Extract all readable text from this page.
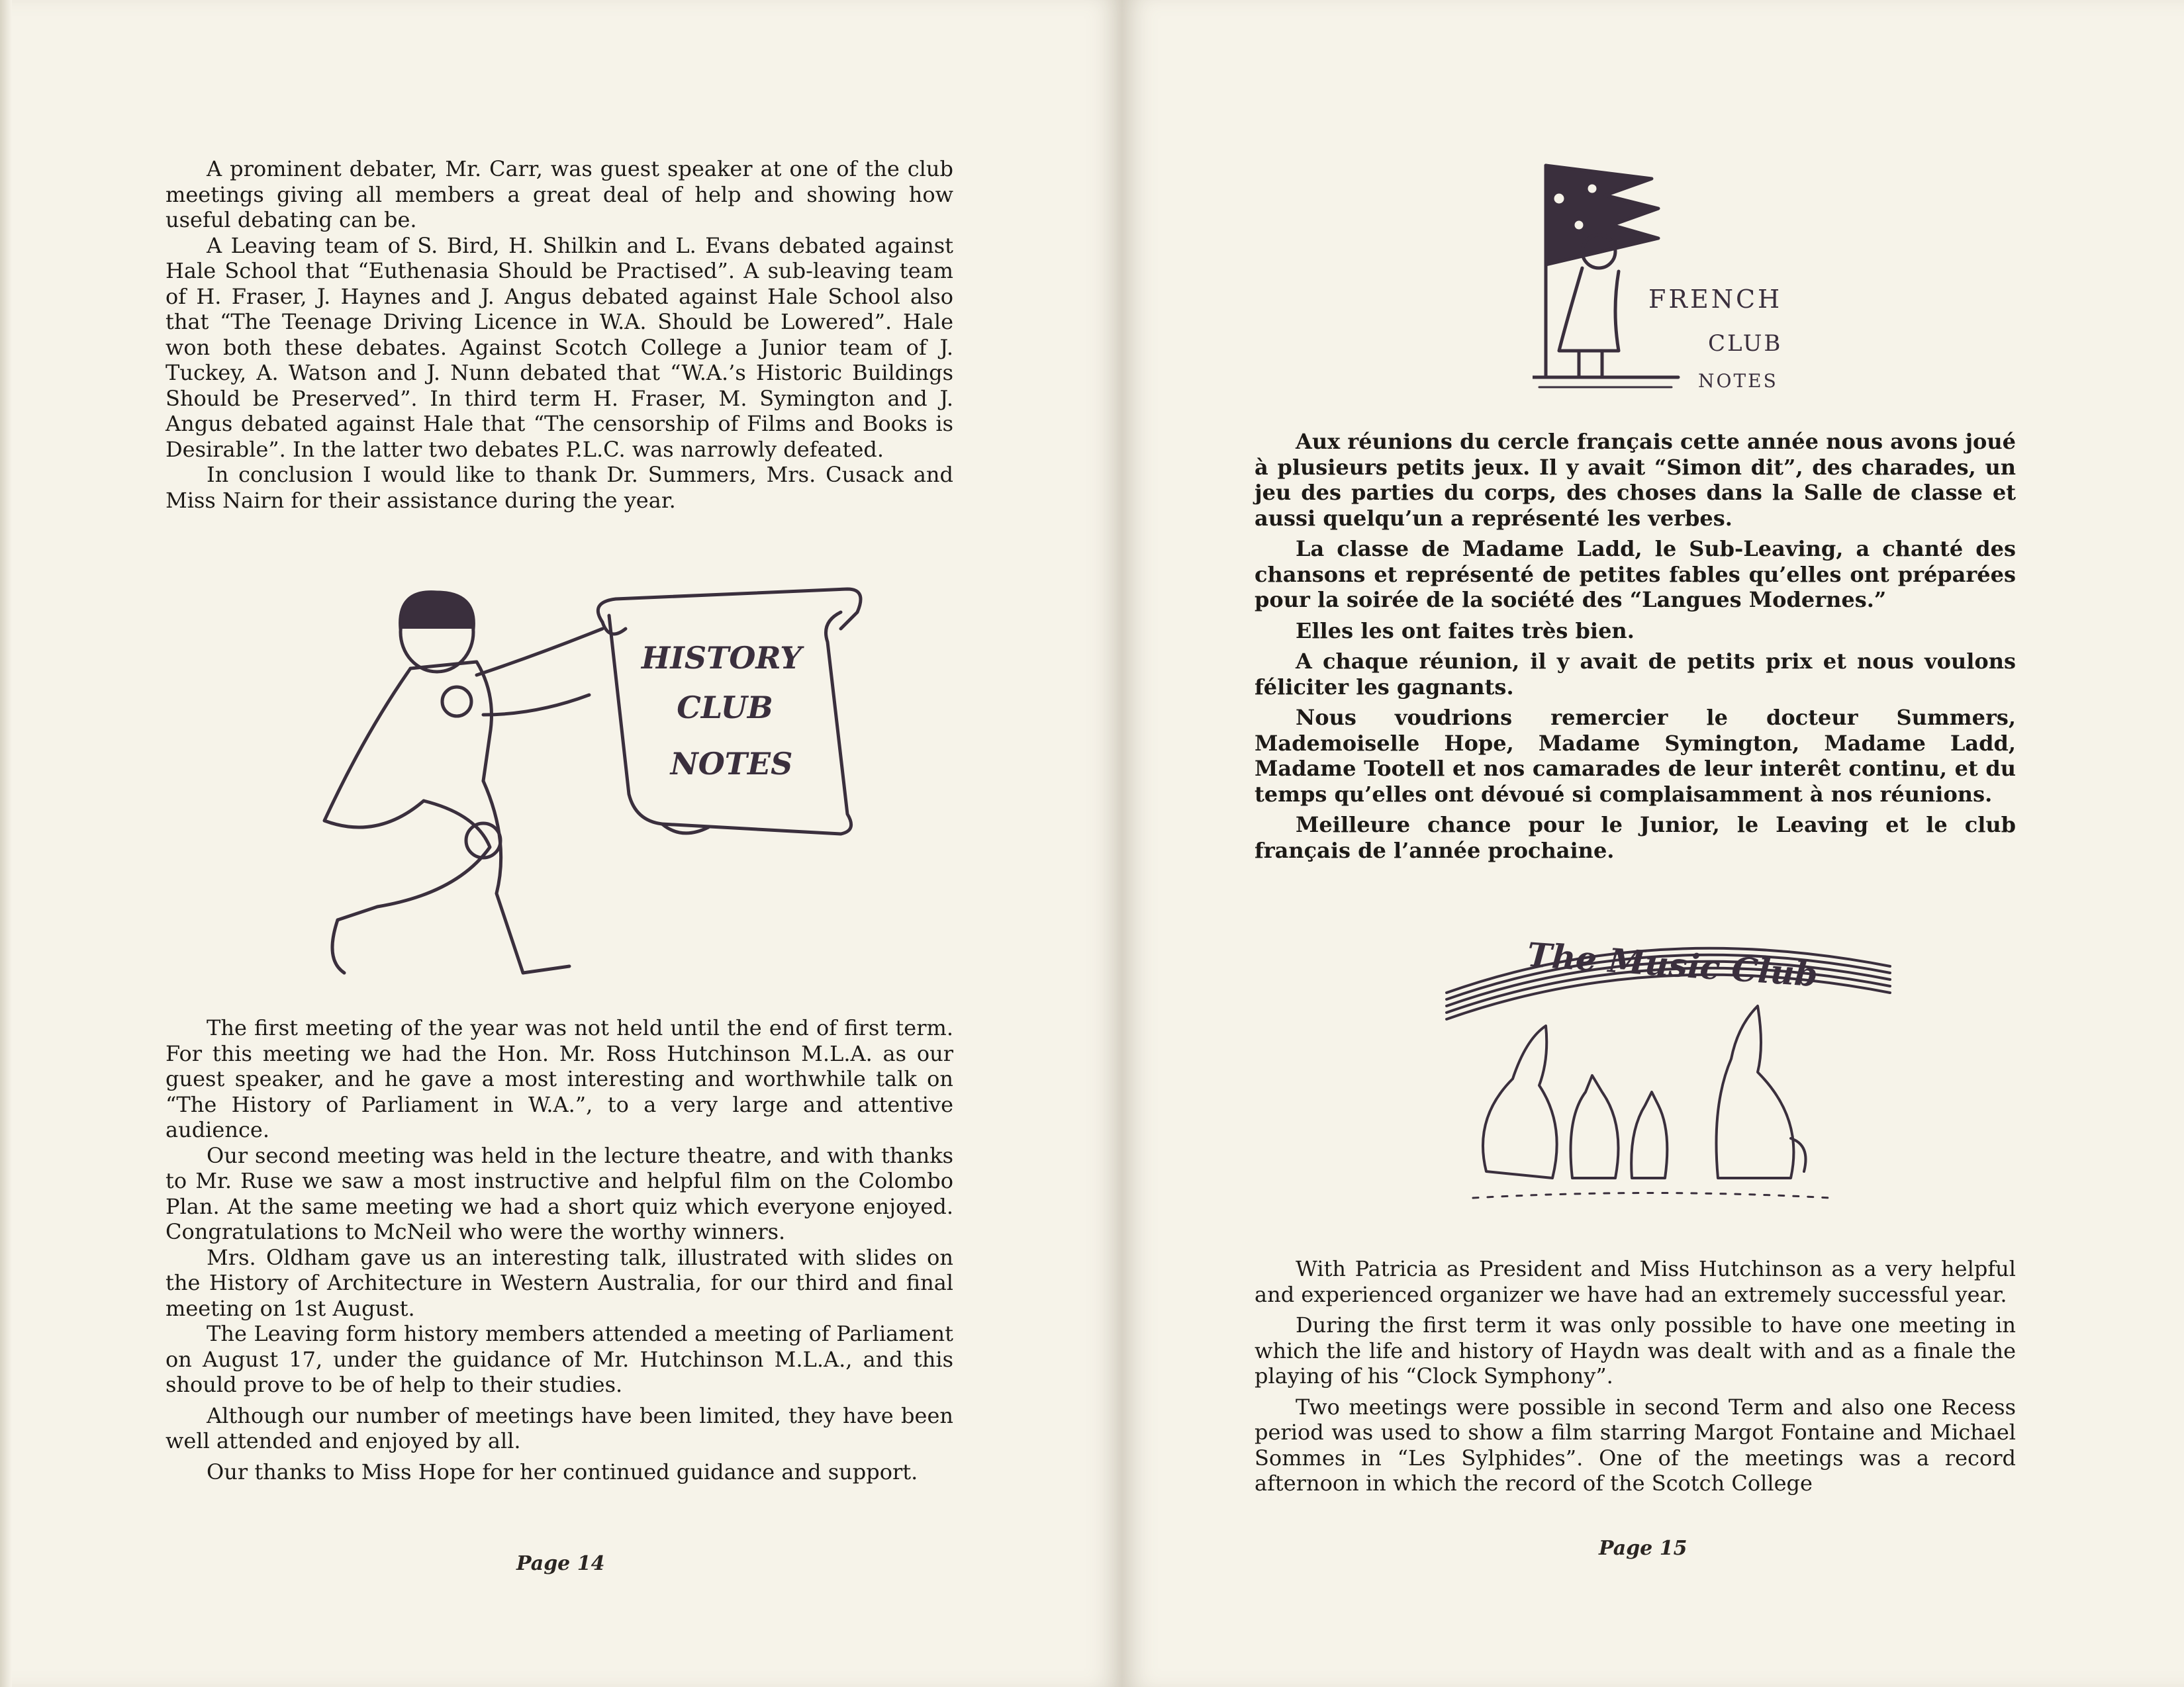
A prominent debater, Mr. Carr, was guest speaker at one of the club meetings giving all members a great deal of help and showing how useful debating can be.

A Leaving team of S. Bird, H. Shilkin and L. Evans debated against Hale School that “Euthenasia Should be Practised”. A sub-leaving team of H. Fraser, J. Haynes and J. Angus debated against Hale School also that “The Teenage Driving Licence in W.A. Should be Lowered”. Hale won both these debates. Against Scotch College a Junior team of J. Tuckey, A. Watson and J. Nunn debated that “W.A.’s Historic Buildings Should be Preserved”. In third term H. Fraser, M. Symington and J. Angus debated against Hale that “The censorship of Films and Books is Desirable”. In the latter two debates P.L.C. was narrowly defeated.

In conclusion I would like to thank Dr. Summers, Mrs. Cusack and Miss Nairn for their assistance during the year.

HISTORY
CLUB
NOTES

The first meeting of the year was not held until the end of first term. For this meeting we had the Hon. Mr. Ross Hutchinson M.L.A. as our guest speaker, and he gave a most interesting and worthwhile talk on “The History of Parliament in W.A.”, to a very large and attentive audience.

Our second meeting was held in the lecture theatre, and with thanks to Mr. Ruse we saw a most instructive and helpful film on the Colombo Plan. At the same meeting we had a short quiz which everyone enjoyed. Congratulations to McNeil who were the worthy winners.

Mrs. Oldham gave us an interesting talk, illustrated with slides on the History of Architecture in Western Australia, for our third and final meeting on 1st August.

The Leaving form history members attended a meeting of Parliament on August 17, under the guidance of Mr. Hutchinson M.L.A., and this should prove to be of help to their studies.

Although our number of meetings have been limited, they have been well attended and enjoyed by all.

Our thanks to Miss Hope for her continued guidance and support.

Page 14
FRENCH
CLUB
NOTES

Aux réunions du cercle français cette année nous avons joué à plusieurs petits jeux. Il y avait “Simon dit”, des charades, un jeu des parties du corps, des choses dans la Salle de classe et aussi quelqu’un a représenté les verbes.

La classe de Madame Ladd, le Sub-Leaving, a chanté des chansons et représenté de petites fables qu’elles ont préparées pour la soirée de la société des “Langues Modernes.”

Elles les ont faites très bien.

A chaque réunion, il y avait de petits prix et nous voulons féliciter les gagnants.

Nous voudrions remercier le docteur Summers, Mademoiselle Hope, Madame Symington, Madame Ladd, Madame Tootell et nos camarades de leur interêt continu, et du temps qu’elles ont dévoué si complaisamment à nos réunions.

Meilleure chance pour le Junior, le Leaving et le club français de l’année prochaine.

The Music Club

With Patricia as President and Miss Hutchinson as a very helpful and experienced organizer we have had an extremely successful year.

During the first term it was only possible to have one meeting in which the life and history of Haydn was dealt with and as a finale the playing of his “Clock Symphony”.

Two meetings were possible in second Term and also one Recess period was used to show a film starring Margot Fontaine and Michael Sommes in “Les Sylphides”. One of the meetings was a record afternoon in which the record of the Scotch College

Page 15
